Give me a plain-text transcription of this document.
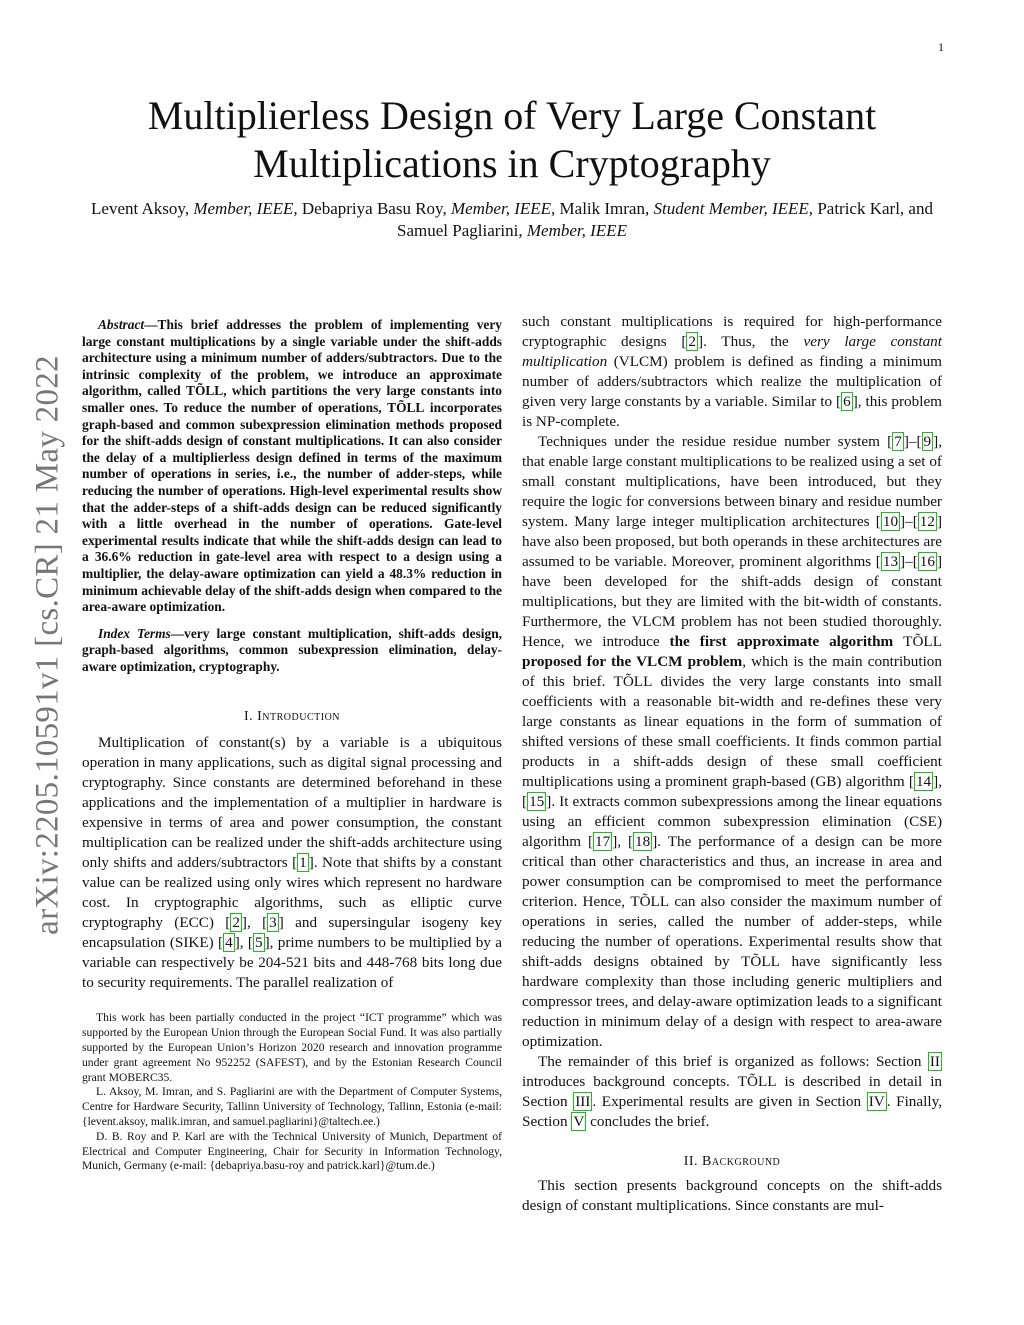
1
arXiv:2205.10591v1 [cs.CR] 21 May 2022
Multiplierless Design of Very Large Constant
Multiplications in Cryptography

Levent Aksoy, Member, IEEE, Debapriya Basu Roy, Member, IEEE, Malik Imran, Student Member, IEEE, Patrick Karl, and Samuel Pagliarini, Member, IEEE

Abstract—This brief addresses the problem of implementing very large constant multiplications by a single variable under the shift-adds architecture using a minimum number of adders/subtractors. Due to the intrinsic complexity of the problem, we introduce an approximate algorithm, called TÕLL, which partitions the very large constants into smaller ones. To reduce the number of operations, TÕLL incorporates graph-based and common subexpression elimination methods proposed for the shift-adds design of constant multiplications. It can also consider the delay of a multiplierless design defined in terms of the maximum number of operations in series, i.e., the number of adder-steps, while reducing the number of operations. High-level experimental results show that the adder-steps of a shift-adds design can be reduced significantly with a little overhead in the number of operations. Gate-level experimental results indicate that while the shift-adds design can lead to a 36.6% reduction in gate-level area with respect to a design using a multiplier, the delay-aware optimization can yield a 48.3% reduction in minimum achievable delay of the shift-adds design when compared to the area-aware optimization.

Index Terms—very large constant multiplication, shift-adds design, graph-based algorithms, common subexpression elimination, delay-aware optimization, cryptography.

I. Introduction

Multiplication of constant(s) by a variable is a ubiquitous operation in many applications, such as digital signal processing and cryptography. Since constants are determined beforehand in these applications and the implementation of a multiplier in hardware is expensive in terms of area and power consumption, the constant multiplication can be realized under the shift-adds architecture using only shifts and adders/subtractors [ 1 ]. Note that shifts by a constant value can be realized using only wires which represent no hardware cost. In cryptographic algorithms, such as elliptic curve cryptography (ECC) [ 2 ], [ 3 ] and supersingular isogeny key encapsulation (SIKE) [ 4 ], [ 5 ], prime numbers to be multiplied by a variable can respectively be 204-521 bits and 448-768 bits long due to security requirements. The parallel realization of

This work has been partially conducted in the project “ICT programme” which was supported by the European Union through the European Social Fund. It was also partially supported by the European Union’s Horizon 2020 research and innovation programme under grant agreement No 952252 (SAFEST), and by the Estonian Research Council grant MOBERC35.

L. Aksoy, M. Imran, and S. Pagliarini are with the Department of Computer Systems, Centre for Hardware Security, Tallinn University of Technology, Tallinn, Estonia (e-mail: {levent.aksoy, malik.imran, and samuel.pagliarini}@taltech.ee.)

D. B. Roy and P. Karl are with the Technical University of Munich, Department of Electrical and Computer Engineering, Chair for Security in Information Technology, Munich, Germany (e-mail: {debapriya.basu-roy and patrick.karl}@tum.de.)

such constant multiplications is required for high-performance cryptographic designs [ 2 ]. Thus, the very large constant multiplication (VLCM) problem is defined as finding a minimum number of adders/subtractors which realize the multiplication of given very large constants by a variable. Similar to [ 6 ], this problem is NP-complete.

Techniques under the residue residue number system [ 7 ]–[ 9 ], that enable large constant multiplications to be realized using a set of small constant multiplications, have been introduced, but they require the logic for conversions between binary and residue number system. Many large integer multiplication architectures [ 10 ]–[ 12 ] have also been proposed, but both operands in these architectures are assumed to be variable. Moreover, prominent algorithms [ 13 ]–[ 16 ] have been developed for the shift-adds design of constant multiplications, but they are limited with the bit-width of constants. Furthermore, the VLCM problem has not been studied thoroughly. Hence, we introduce the first approximate algorithm TÕLL proposed for the VLCM problem, which is the main contribution of this brief. TÕLL divides the very large constants into small coefficients with a reasonable bit-width and re-defines these very large constants as linear equations in the form of summation of shifted versions of these small coefficients. It finds common partial products in a shift-adds design of these small coefficient multiplications using a prominent graph-based (GB) algorithm [ 14 ], [ 15 ]. It extracts common subexpressions among the linear equations using an efficient common subexpression elimination (CSE) algorithm [ 17 ], [ 18 ]. The performance of a design can be more critical than other characteristics and thus, an increase in area and power consumption can be compromised to meet the performance criterion. Hence, TÕLL can also consider the maximum number of operations in series, called the number of adder-steps, while reducing the number of operations. Experimental results show that shift-adds designs obtained by TÕLL have significantly less hardware complexity than those including generic multipliers and compressor trees, and delay-aware optimization leads to a significant reduction in minimum delay of a design with respect to area-aware optimization.

The remainder of this brief is organized as follows: Section II introduces background concepts. TÕLL is described in detail in Section III . Experimental results are given in Section IV . Finally, Section V concludes the brief.

II. Background

This section presents background concepts on the shift-adds design of constant multiplications. Since constants are mul-
